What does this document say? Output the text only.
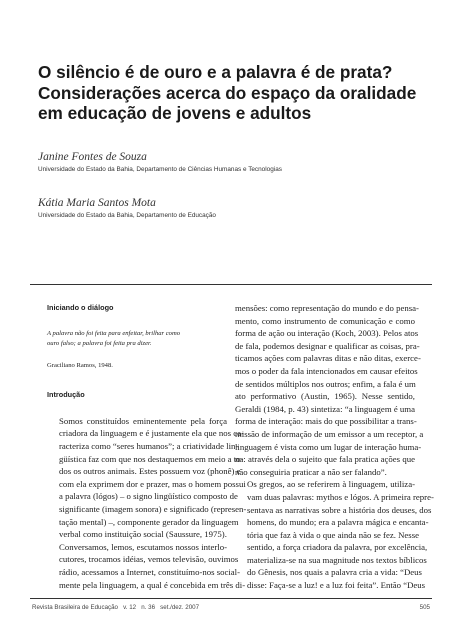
O silêncio é de ouro e a palavra é de prata?
Considerações acerca do espaço da oralidade
em educação de jovens e adultos

Janine Fontes de Souza

Universidade do Estado da Bahia, Departamento de Ciências Humanas e Tecnologias

Kátia Maria Santos Mota

Universidade do Estado da Bahia, Departamento de Educação

Iniciando o diálogo

A palavra não foi feita para enfeitar, brilhar como
ouro falso; a palavra foi feita pra dizer.

Graciliano Ramos, 1948.

Introdução

Somos constituídos eminentemente pela força
criadora da linguagem e é justamente ela que nos ca-
racteriza como “seres humanos”; a criatividade lin-
güística faz com que nos destaquemos em meio a to-
dos os outros animais. Estes possuem voz (phonê) e
com ela exprimem dor e prazer, mas o homem possui
a palavra (lógos) – o signo lingüístico composto de
significante (imagem sonora) e significado (represen-
tação mental) –, componente gerador da linguagem
verbal como instituição social (Saussure, 1975).

Conversamos, lemos, escutamos nossos interlo-
cutores, trocamos idéias, vemos televisão, ouvimos
rádio, acessamos a Internet, constituímo-nos social-
mente pela linguagem, a qual é concebida em três di-

mensões: como representação do mundo e do pensa-
mento, como instrumento de comunicação e como
forma de ação ou interação (Koch, 2003). Pelos atos
de fala, podemos designar e qualificar as coisas, pra-
ticamos ações com palavras ditas e não ditas, exerce-
mos o poder da fala intencionados em causar efeitos
de sentidos múltiplos nos outros; enfim, a fala é um
ato performativo (Austin, 1965). Nesse sentido,
Geraldi (1984, p. 43) sintetiza: “a linguagem é uma
forma de interação: mais do que possibilitar a trans-
missão de informação de um emissor a um receptor, a
linguagem é vista como um lugar de interação huma-
na: através dela o sujeito que fala pratica ações que
não conseguiria praticar a não ser falando”.

Os gregos, ao se referirem à linguagem, utiliza-
vam duas palavras: mythos e lógos. A primeira repre-
sentava as narrativas sobre a história dos deuses, dos
homens, do mundo; era a palavra mágica e encanta-
tória que faz à vida o que ainda não se fez. Nesse
sentido, a força criadora da palavra, por excelência,
materializa-se na sua magnitude nos textos bíblicos
do Gênesis, nos quais a palavra cria a vida: “Deus
disse: Faça-se a luz! e a luz foi feita”. Então “Deus

Revista Brasileira de Educação   v. 12   n. 36   set./dez. 2007	505
